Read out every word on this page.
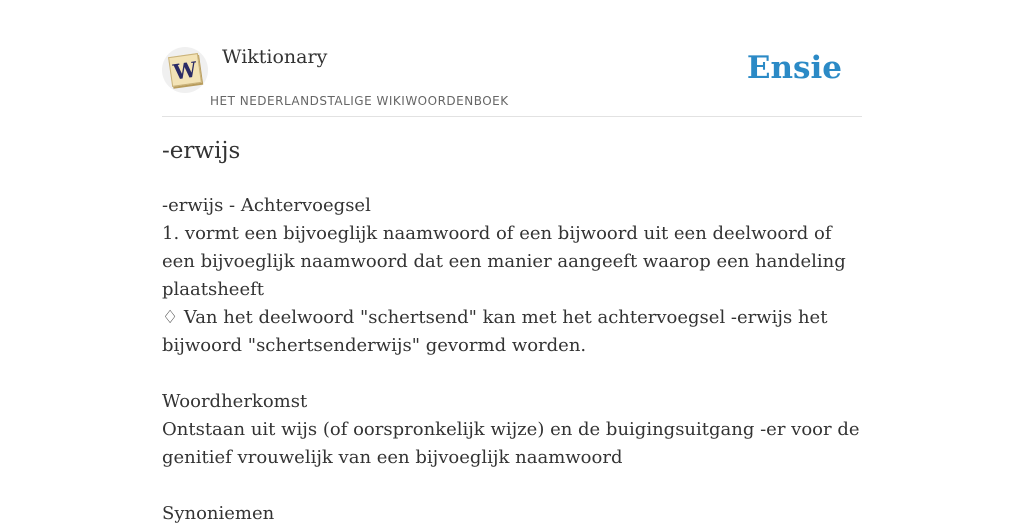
W Wiktionary
HET NEDERLANDSTALIGE WIKIWOORDENBOEK
Ensie
-erwijs

-erwijs - Achtervoegsel

1. vormt een bijvoeglijk naamwoord of een bijwoord uit een deelwoord of een bijvoeglijk naamwoord dat een manier aangeeft waarop een handeling plaatsheeft

♢ Van het deelwoord "schertsend" kan met het achtervoegsel -erwijs het bijwoord "schertsenderwijs" gevormd worden.

Woordherkomst

Ontstaan uit wijs (of oorspronkelijk wijze) en de buigingsuitgang -er voor de genitief vrouwelijk van een bijvoeglijk naamwoord

Synoniemen
